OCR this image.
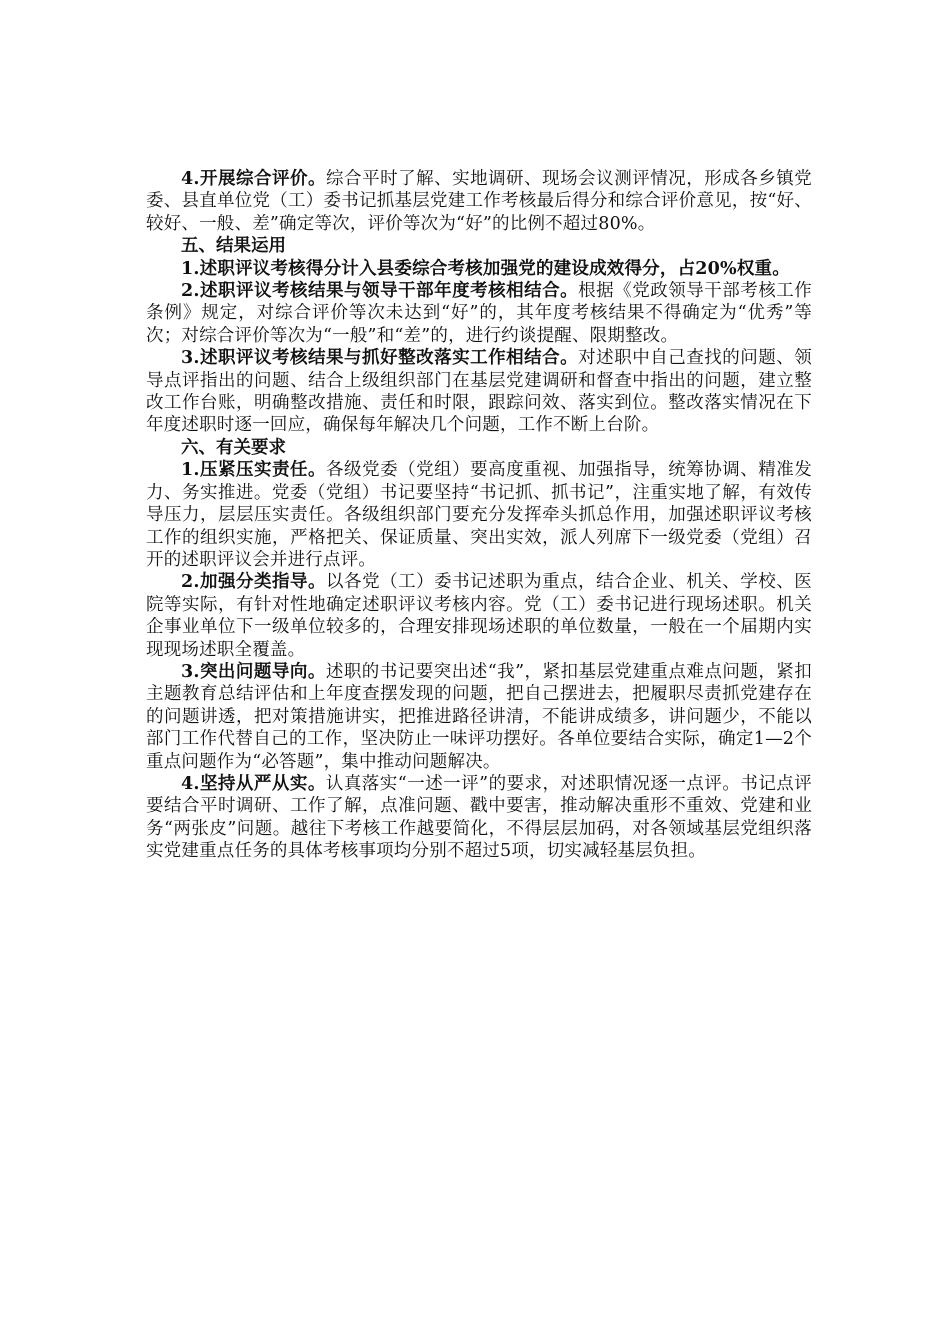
4.开展综合评价。综合平时了解、实地调研、现场会议测评情况，形成各乡镇党委、县直单位党（工）委书记抓基层党建工作考核最后得分和综合评价意见，按“好、较好、一般、差”确定等次，评价等次为“好”的比例不超过80%。

五、结果运用

1.述职评议考核得分计入县委综合考核加强党的建设成效得分，占20%权重。

2.述职评议考核结果与领导干部年度考核相结合。根据《党政领导干部考核工作条例》规定，对综合评价等次未达到“好”的，其年度考核结果不得确定为“优秀”等次；对综合评价等次为“一般”和“差”的，进行约谈提醒、限期整改。

3.述职评议考核结果与抓好整改落实工作相结合。对述职中自己查找的问题、领导点评指出的问题、结合上级组织部门在基层党建调研和督查中指出的问题，建立整改工作台账，明确整改措施、责任和时限，跟踪问效、落实到位。整改落实情况在下年度述职时逐一回应，确保每年解决几个问题，工作不断上台阶。

六、有关要求

1.压紧压实责任。各级党委（党组）要高度重视、加强指导，统筹协调、精准发力、务实推进。党委（党组）书记要坚持“书记抓、抓书记”，注重实地了解，有效传导压力，层层压实责任。各级组织部门要充分发挥牵头抓总作用，加强述职评议考核工作的组织实施，严格把关、保证质量、突出实效，派人列席下一级党委（党组）召开的述职评议会并进行点评。

2.加强分类指导。以各党（工）委书记述职为重点，结合企业、机关、学校、医院等实际，有针对性地确定述职评议考核内容。党（工）委书记进行现场述职。机关企事业单位下一级单位较多的，合理安排现场述职的单位数量，一般在一个届期内实现现场述职全覆盖。

3.突出问题导向。述职的书记要突出述“我”，紧扣基层党建重点难点问题，紧扣主题教育总结评估和上年度查摆发现的问题，把自己摆进去，把履职尽责抓党建存在的问题讲透，把对策措施讲实，把推进路径讲清，不能讲成绩多，讲问题少，不能以部门工作代替自己的工作，坚决防止一味评功摆好。各单位要结合实际，确定1—2个重点问题作为“必答题”，集中推动问题解决。

4.坚持从严从实。认真落实“一述一评”的要求，对述职情况逐一点评。书记点评要结合平时调研、工作了解，点准问题、戳中要害，推动解决重形不重效、党建和业务“两张皮”问题。越往下考核工作越要简化，不得层层加码，对各领域基层党组织落实党建重点任务的具体考核事项均分别不超过5项，切实减轻基层负担。
